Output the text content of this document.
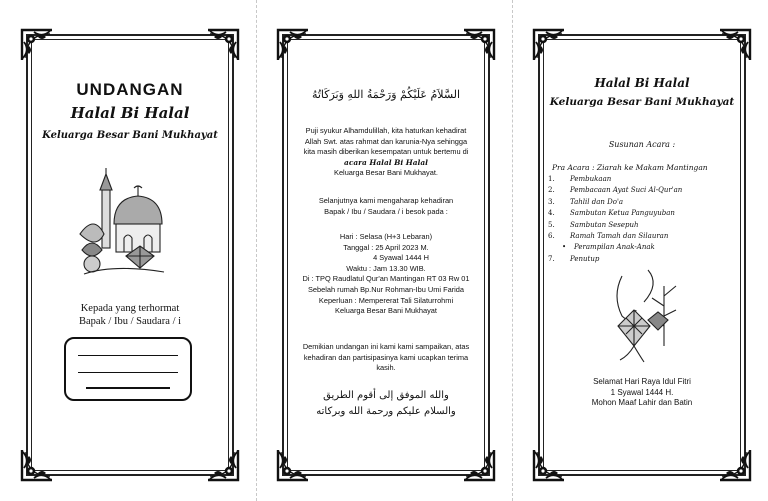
UNDANGAN
Halal Bi Halal
Keluarga Besar Bani Mukhayat
Kepada yang terhormat
Bapak / Ibu / Saudara / i
السَّلاَمُ عَلَيْكُمْ وَرَحْمَةُ اللهِ وَبَرَكَاتُهُ

Puji syukur Alhamdulillah, kita haturkan kehadirat

Allah Swt. atas rahmat dan karunia-Nya sehingga

kita masih diberikan kesempatan untuk bertemu di

acara Halal Bi Halal

Keluarga Besar Bani Mukhayat.

Selanjutnya kami mengaharap kehadiran

Bapak / Ibu / Saudara / i besok pada :

Hari : Selasa (H+3 Lebaran)

Tanggal : 25 April 2023 M.

4 Syawal 1444 H

Waktu : Jam 13.30 WIB.

Di : TPQ Raudlatul Qur'an Mantingan RT 03 Rw 01

Sebelah rumah Bp.Nur Rohman-Ibu Umi Farida

Keperluan : Mempererat Tali Silaturrohmi

Keluarga Besar Bani Mukhayat

Demikian undangan ini kami kami sampaikan, atas

kehadiran dan partisipasinya kami ucapkan terima

kasih.

والله الموفق إلى أقوم الطريق

والسلام عليكم ورحمة الله وبركاته

Halal Bi Halal
Keluarga Besar Bani Mukhayat
Susunan Acara :
Pra Acara : Ziarah ke Makam Mantingan
1.	Pembukaan
2.	Pembacaan Ayat Suci Al-Qur'an
3.	Tahlil dan Do'a
4.	Sambutan Ketua Panguyuban
5.	Sambutan Sesepuh
6.	Ramah Tamah dan Silauran
•	Perampilan Anak-Anak
7.	Penutup
Selamat Hari Raya Idul Fitri
1 Syawal 1444 H.
Mohon Maaf Lahir dan Batin
